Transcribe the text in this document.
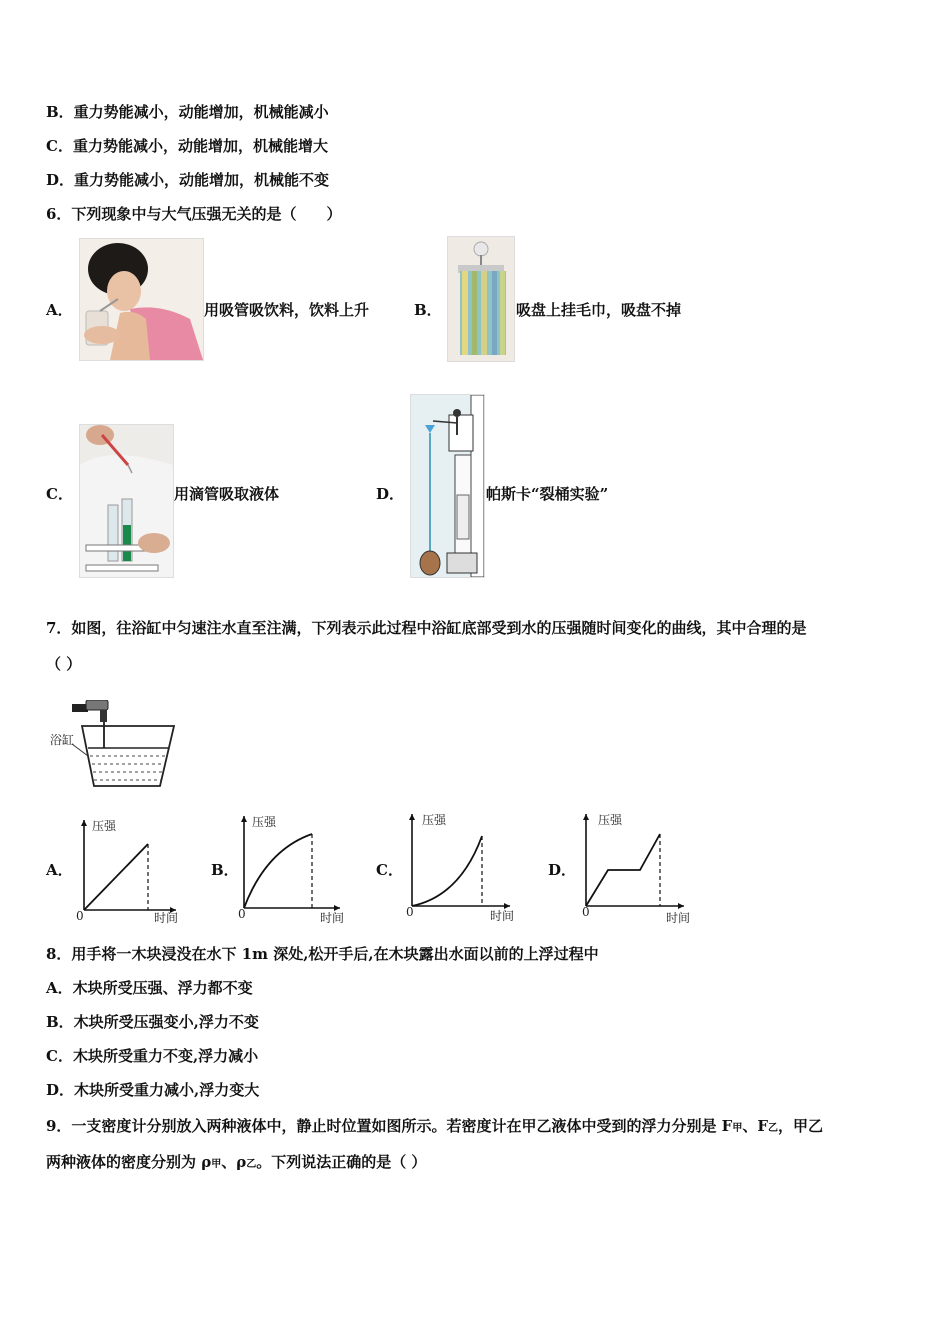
B．重力势能减小，动能增加，机械能减小
C．重力势能减小，动能增加，机械能增大
D．重力势能减小，动能增加，机械能不变
6．下列现象中与大气压强无关的是（　　）
A．	用吸管吸饮料，饮料上升	B．	吸盘上挂毛巾，吸盘不掉
C．	用滴管吸取液体	D．	帕斯卡“裂桶实验”
7．如图，往浴缸中匀速注水直至注满，下列表示此过程中浴缸底部受到水的压强随时间变化的曲线，其中合理的是
（ ）
浴缸
A．
压强
0	时间
B．
压强
0	时间
C．
压强
0	时间
D．
压强
0	时间
8．用手将一木块浸没在水下 1m 深处,松开手后,在木块露出水面以前的上浮过程中
A．木块所受压强、浮力都不变
B．木块所受压强变小,浮力不变
C．木块所受重力不变,浮力减小
D．木块所受重力减小,浮力变大
9．一支密度计分别放入两种液体中，静止时位置如图所示。若密度计在甲乙液体中受到的浮力分别是 F甲、F乙，甲乙
两种液体的密度分别为 ρ甲、ρ乙。下列说法正确的是（ ）
